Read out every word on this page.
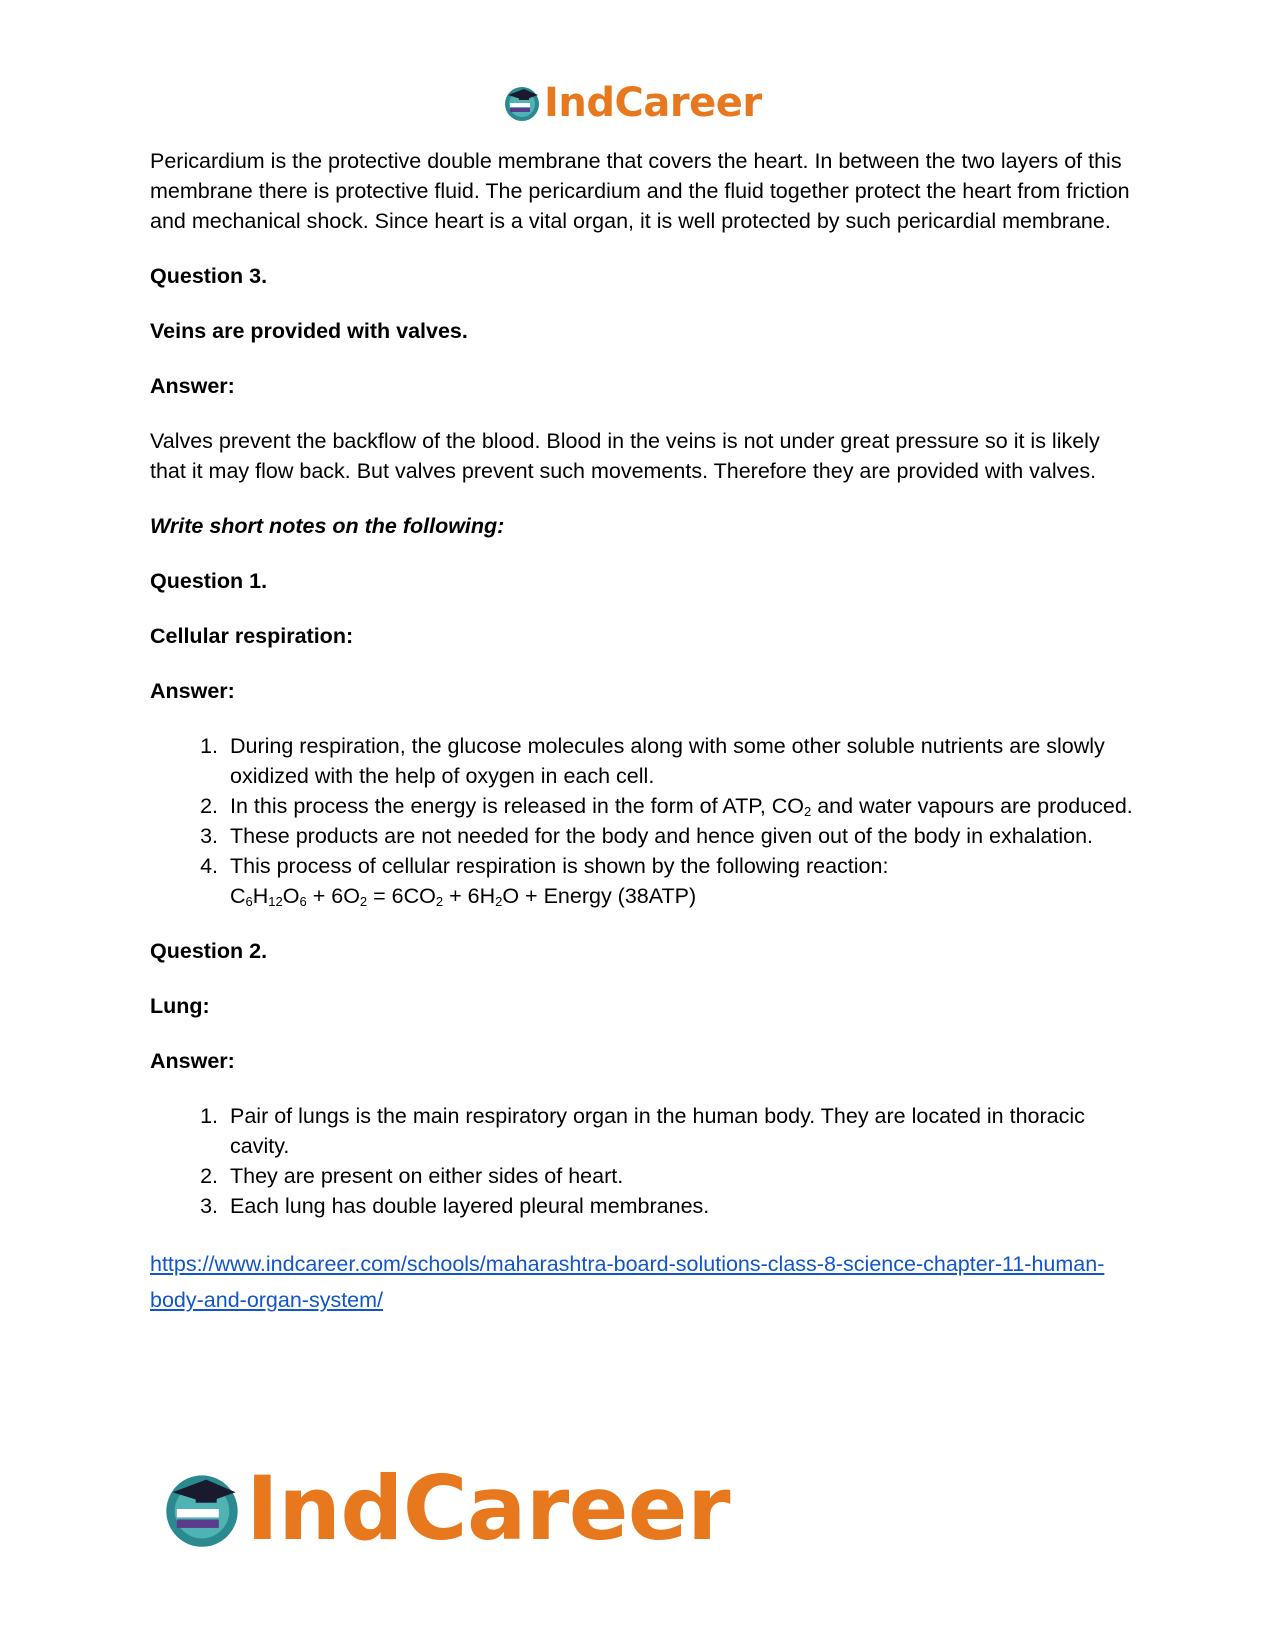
IndCareer

Pericardium is the protective double membrane that covers the heart. In between the two layers of this membrane there is protective fluid. The pericardium and the fluid together protect the heart from friction and mechanical shock. Since heart is a vital organ, it is well protected by such pericardial membrane.

Question 3.

Veins are provided with valves.

Answer:

Valves prevent the backflow of the blood. Blood in the veins is not under great pressure so it is likely that it may flow back. But valves prevent such movements. Therefore they are provided with valves.

Write short notes on the following:

Question 1.

Cellular respiration:

Answer:

1. During respiration, the glucose molecules along with some other soluble nutrients are slowly oxidized with the help of oxygen in each cell.
2. In this process the energy is released in the form of ATP, $CO_2$ and water vapours are produced.
3. These products are not needed for the body and hence given out of the body in exhalation.
4. This process of cellular respiration is shown by the following reaction:
$C_6H_{12}O_6 + 6O_2 = 6CO_2 + 6H_2O$ + Energy (38ATP)

Question 2.

Lung:

Answer:

1. Pair of lungs is the main respiratory organ in the human body. They are located in thoracic cavity.
2. They are present on either sides of heart.
3. Each lung has double layered pleural membranes.

https://www.indcareer.com/schools/maharashtra-board-solutions-class-8-science-chapter-11-human-body-and-organ-system/

IndCareer
